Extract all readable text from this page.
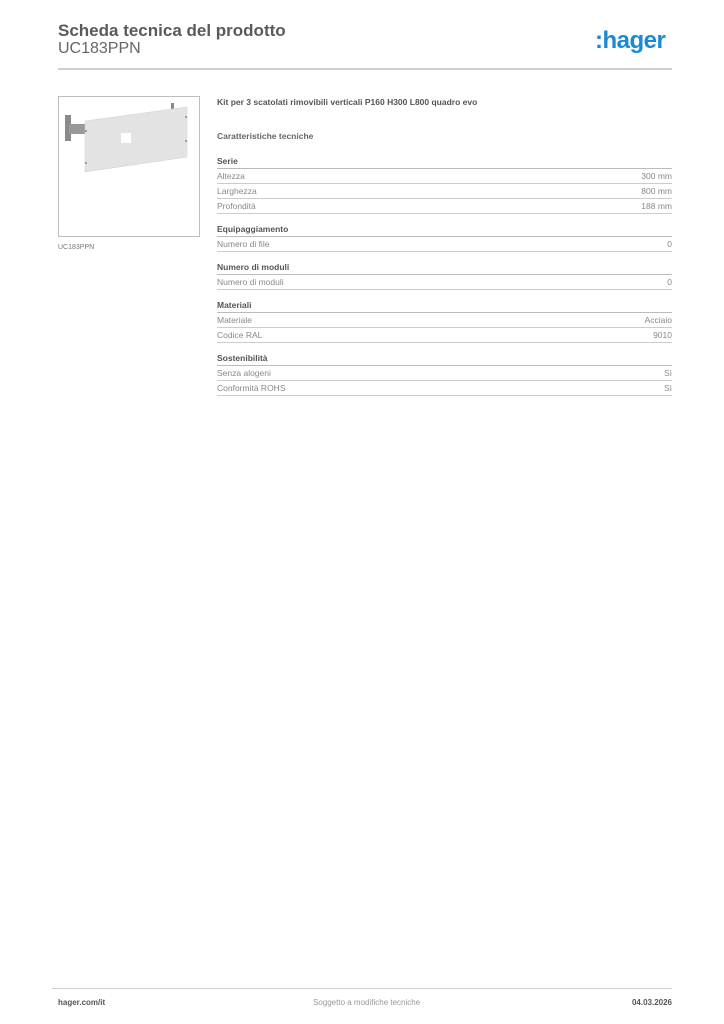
Scheda tecnica del prodotto
UC183PPN	:hager
UC183PPN
Kit per 3 scatolati rimovibili verticali P160 H300 L800 quadro evo
Caratteristiche tecniche
Serie
Altezza	300 mm
Larghezza	800 mm
Profondità	188 mm
Equipaggiamento
Numero di file	0
Numero di moduli
Numero di moduli	0
Materiali
Materiale	Acciaio
Codice RAL	9010
Sostenibilità
Senza alogeni	Sì
Conformità ROHS	Sì
hager.com/it	Soggetto a modifiche tecniche	04.03.2026
